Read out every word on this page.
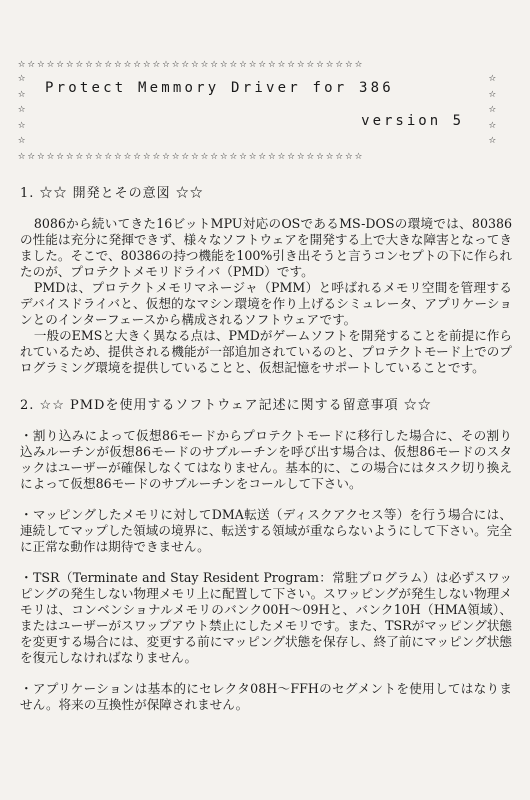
☆☆☆☆☆☆☆☆☆☆☆☆☆☆☆☆☆☆☆☆☆☆☆☆☆☆☆☆☆☆☆☆☆☆☆☆
☆
☆
☆
☆
☆
☆
☆
☆
☆
☆
Protect Memmory Driver for 386
version 5
☆☆☆☆☆☆☆☆☆☆☆☆☆☆☆☆☆☆☆☆☆☆☆☆☆☆☆☆☆☆☆☆☆☆☆☆
1. ☆☆ 開発とその意図 ☆☆

8086から続いてきた16ビットMPU対応のOSであるMS-DOSの環境では、80386の性能は充分に発揮できず、様々なソフトウェアを開発する上で大きな障害となってきました。そこで、80386の持つ機能を100%引き出そうと言うコンセプトの下に作られたのが、プロテクトメモリドライバ（PMD）です。

PMDは、プロテクトメモリマネージャ（PMM）と呼ばれるメモリ空間を管理するデバイスドライバと、仮想的なマシン環境を作り上げるシミュレータ、アプリケーションとのインターフェースから構成されるソフトウェアです。

一般のEMSと大きく異なる点は、PMDがゲームソフトを開発することを前提に作られているため、提供される機能が一部追加されているのと、プロテクトモード上でのプログラミング環境を提供していることと、仮想記憶をサポートしていることです。

2. ☆☆ PMDを使用するソフトウェア記述に関する留意事項 ☆☆

・割り込みによって仮想86モードからプロテクトモードに移行した場合に、その割り込みルーチンが仮想86モードのサブルーチンを呼び出す場合は、仮想86モードのスタックはユーザーが確保しなくてはなりません。基本的に、この場合にはタスク切り換えによって仮想86モードのサブルーチンをコールして下さい。

・マッピングしたメモリに対してDMA転送（ディスクアクセス等）を行う場合には、連続してマップした領域の境界に、転送する領域が重ならないようにして下さい。完全に正常な動作は期待できません。

・TSR（Terminate and Stay Resident Program：常駐プログラム）は必ずスワッピングの発生しない物理メモリ上に配置して下さい。スワッピングが発生しない物理メモリは、コンベンショナルメモリのバンク00H～09Hと、バンク10H（HMA領域）、またはユーザーがスワップアウト禁止にしたメモリです。また、TSRがマッピング状態を変更する場合には、変更する前にマッピング状態を保存し、終了前にマッピング状態を復元しなければなりません。

・アプリケーションは基本的にセレクタ08H～FFHのセグメントを使用してはなりません。将来の互換性が保障されません。
